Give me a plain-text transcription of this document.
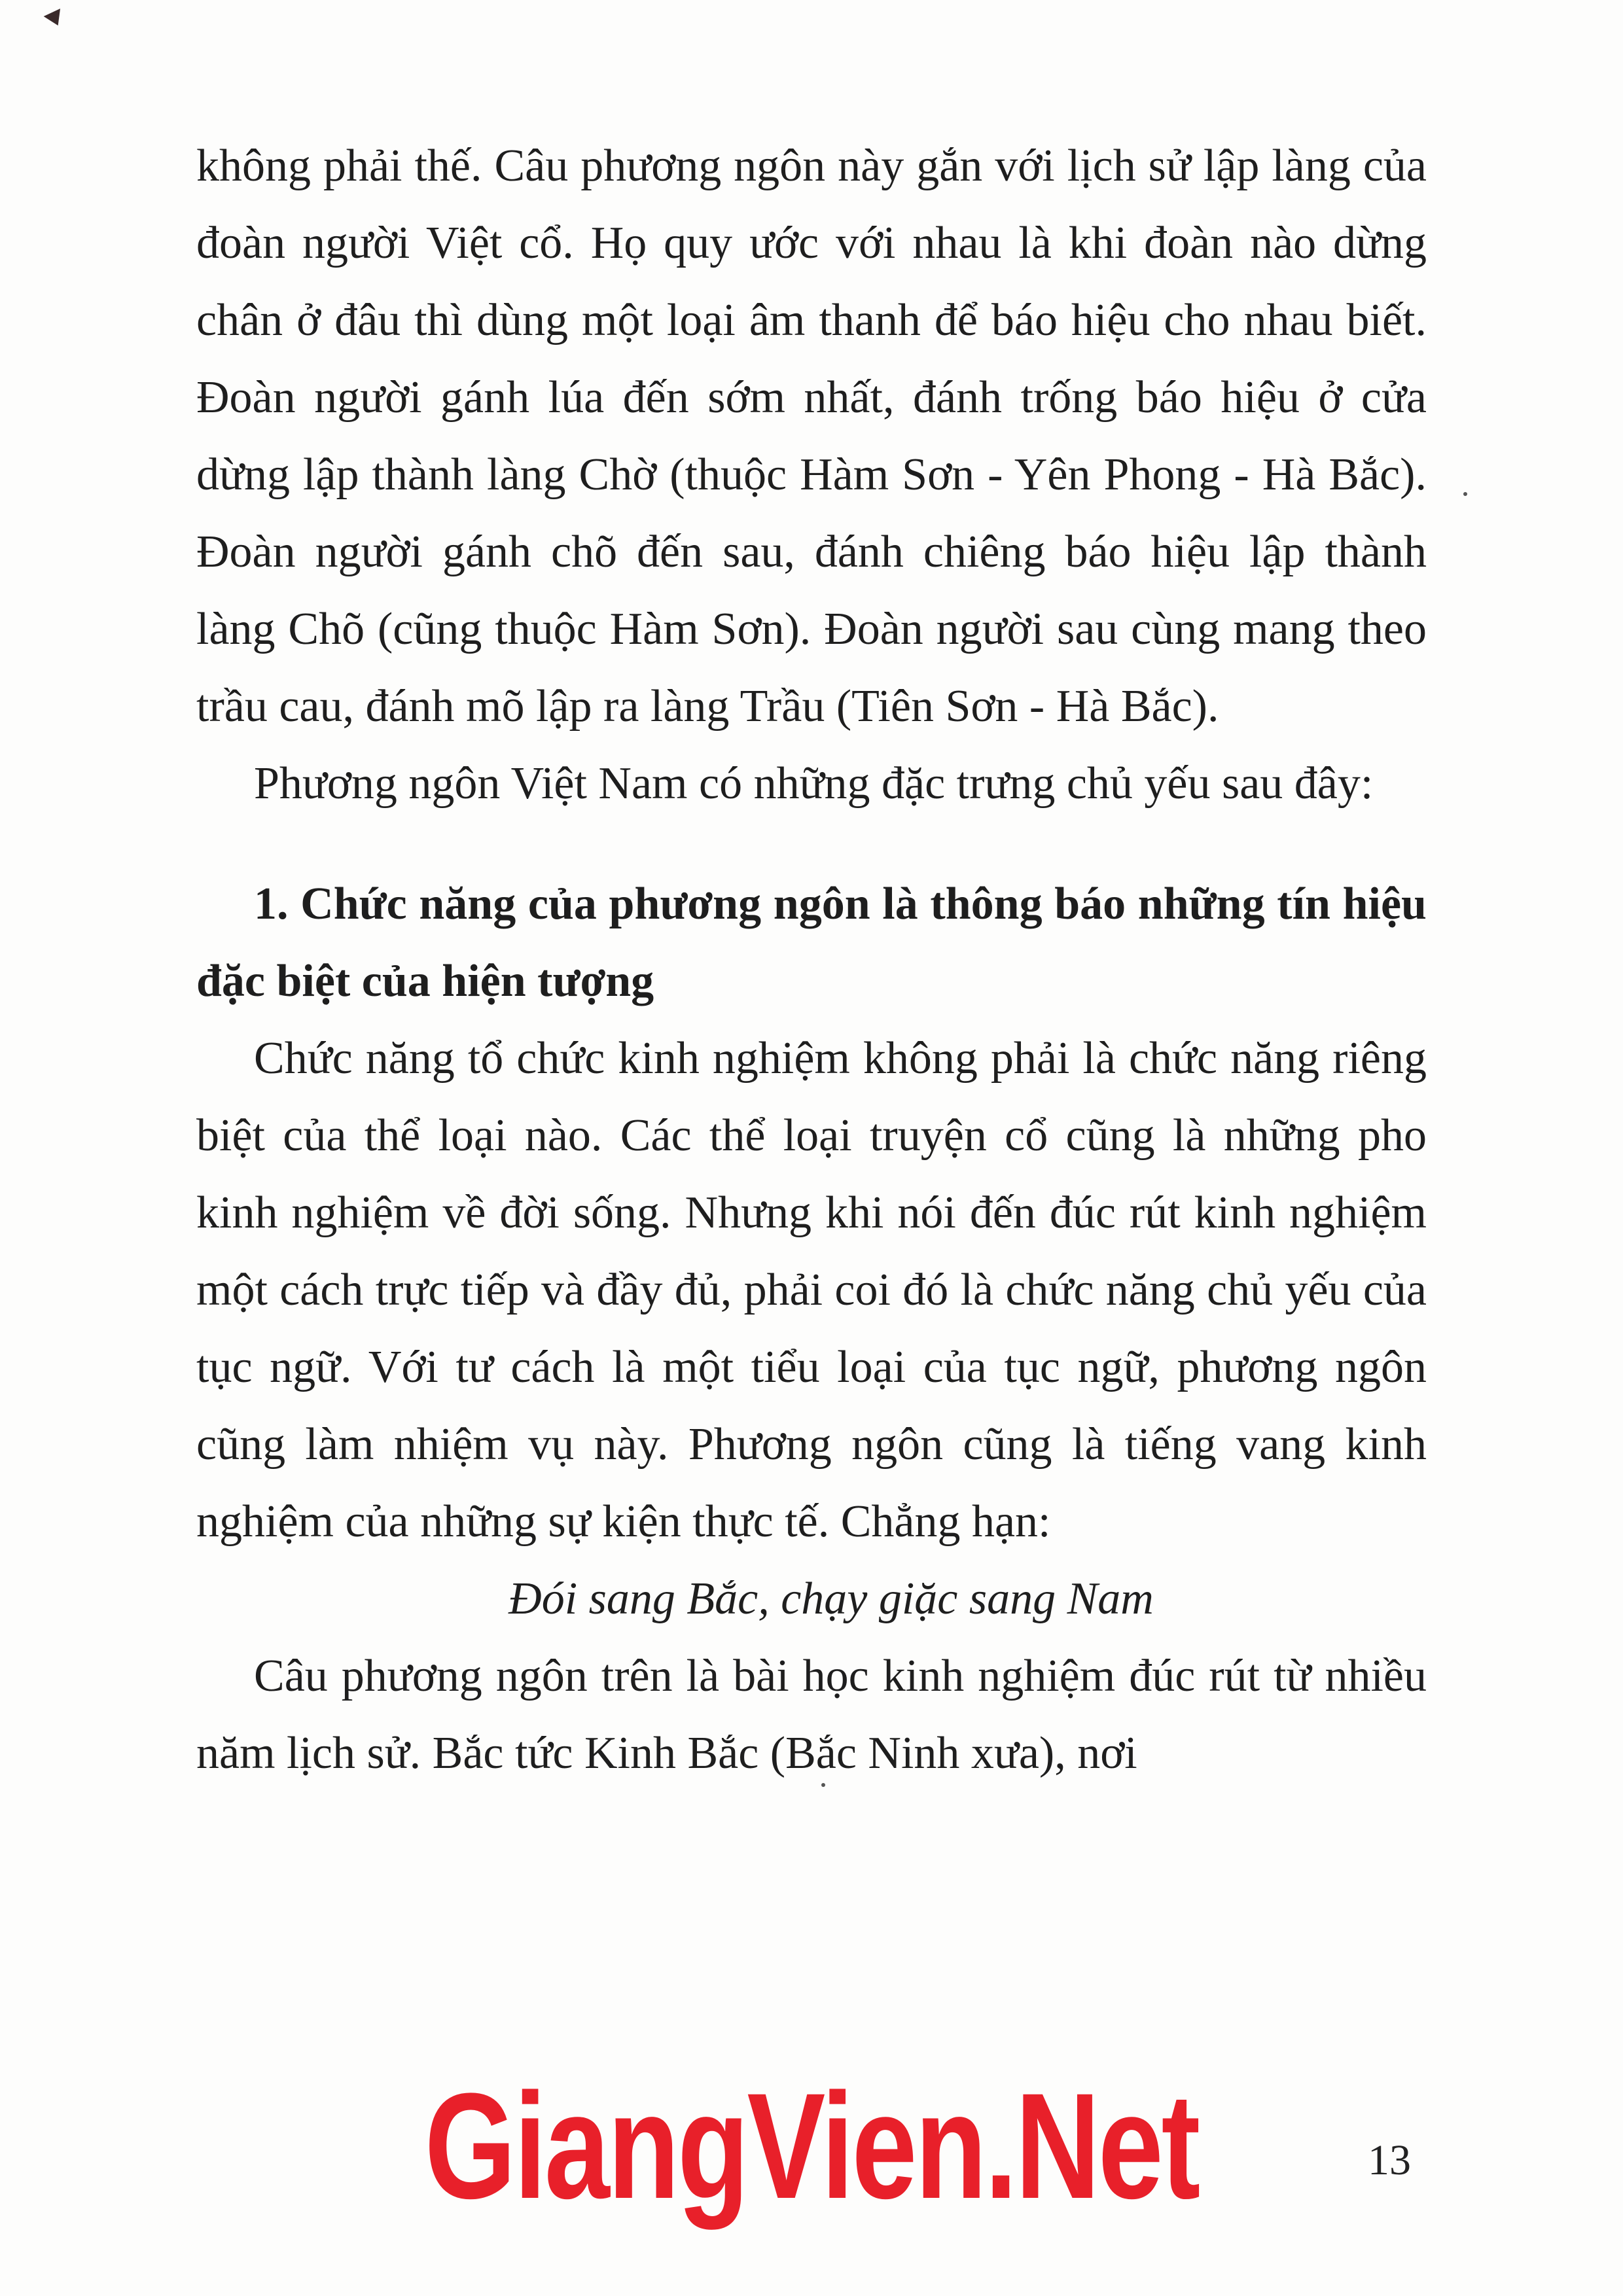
không phải thế. Câu phương ngôn này gắn với lịch sử lập làng của đoàn người Việt cổ. Họ quy ước với nhau là khi đoàn nào dừng chân ở đâu thì dùng một loại âm thanh để báo hiệu cho nhau biết. Đoàn người gánh lúa đến sớm nhất, đánh trống báo hiệu ở cửa dừng lập thành làng Chờ (thuộc Hàm Sơn - Yên Phong - Hà Bắc). Đoàn người gánh chõ đến sau, đánh chiêng báo hiệu lập thành làng Chõ (cũng thuộc Hàm Sơn). Đoàn người sau cùng mang theo trầu cau, đánh mõ lập ra làng Trầu (Tiên Sơn - Hà Bắc).

Phương ngôn Việt Nam có những đặc trưng chủ yếu sau đây:

1. Chức năng của phương ngôn là thông báo những tín hiệu đặc biệt của hiện tượng

Chức năng tổ chức kinh nghiệm không phải là chức năng riêng biệt của thể loại nào. Các thể loại truyện cổ cũng là những pho kinh nghiệm về đời sống. Nhưng khi nói đến đúc rút kinh nghiệm một cách trực tiếp và đầy đủ, phải coi đó là chức năng chủ yếu của tục ngữ. Với tư cách là một tiểu loại của tục ngữ, phương ngôn cũng làm nhiệm vụ này. Phương ngôn cũng là tiếng vang kinh nghiệm của những sự kiện thực tế. Chẳng hạn:

Đói sang Bắc, chạy giặc sang Nam

Câu phương ngôn trên là bài học kinh nghiệm đúc rút từ nhiều năm lịch sử. Bắc tức Kinh Bắc (Bắc Ninh xưa), nơi

GiangVien.Net	13
